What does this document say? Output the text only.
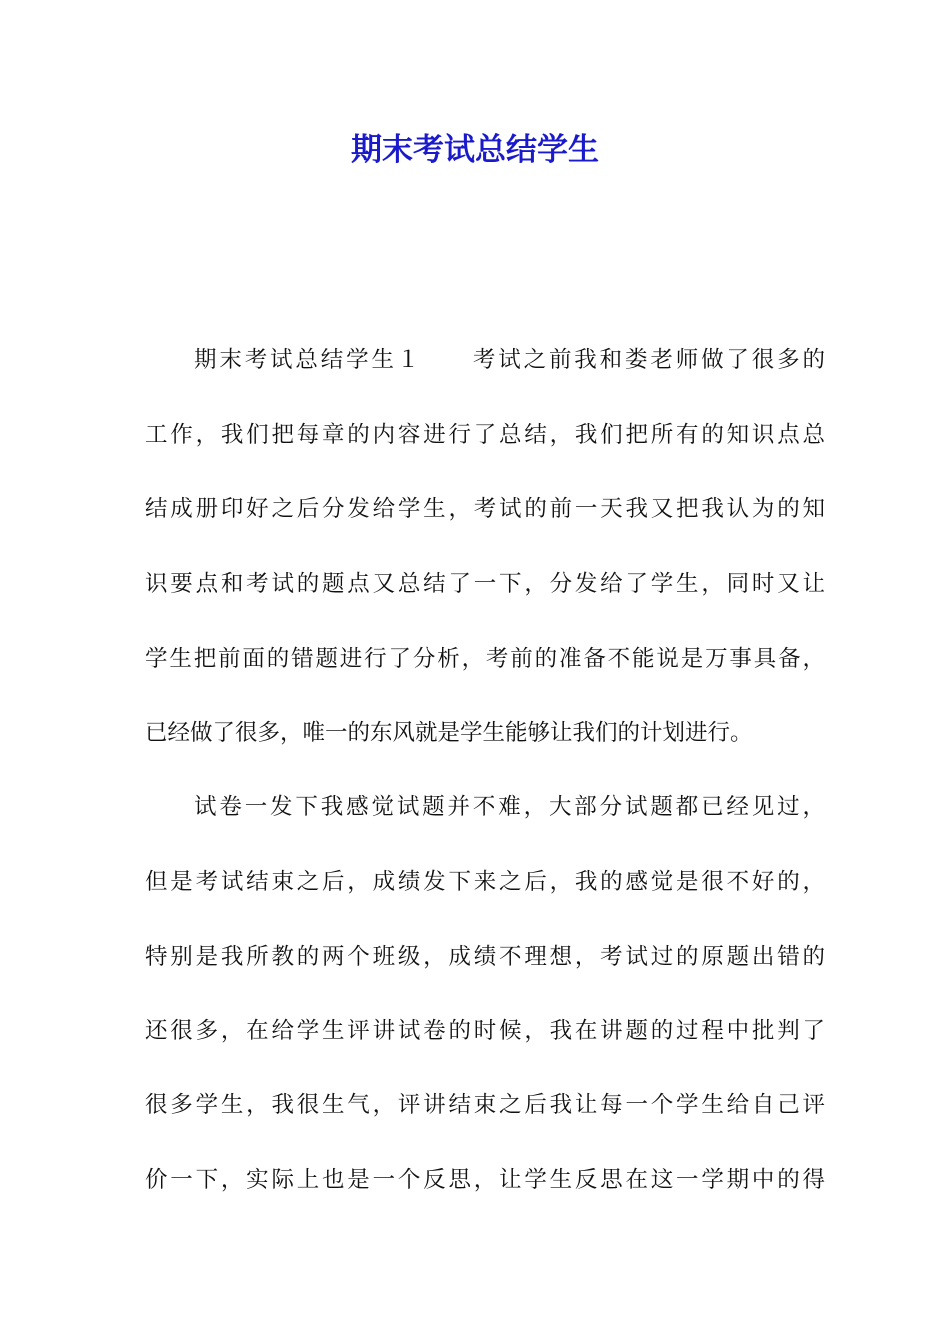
期末考试总结学生

期末考试总结学生１　　考试之前我和娄老师做了很多的

工作，我们把每章的内容进行了总结，我们把所有的知识点总

结成册印好之后分发给学生，考试的前一天我又把我认为的知

识要点和考试的题点又总结了一下，分发给了学生，同时又让

学生把前面的错题进行了分析，考前的准备不能说是万事具备，

已经做了很多，唯一的东风就是学生能够让我们的计划进行。

试卷一发下我感觉试题并不难，大部分试题都已经见过，

但是考试结束之后，成绩发下来之后，我的感觉是很不好的，

特别是我所教的两个班级，成绩不理想，考试过的原题出错的

还很多，在给学生评讲试卷的时候，我在讲题的过程中批判了

很多学生，我很生气，评讲结束之后我让每一个学生给自己评

价一下，实际上也是一个反思，让学生反思在这一学期中的得
